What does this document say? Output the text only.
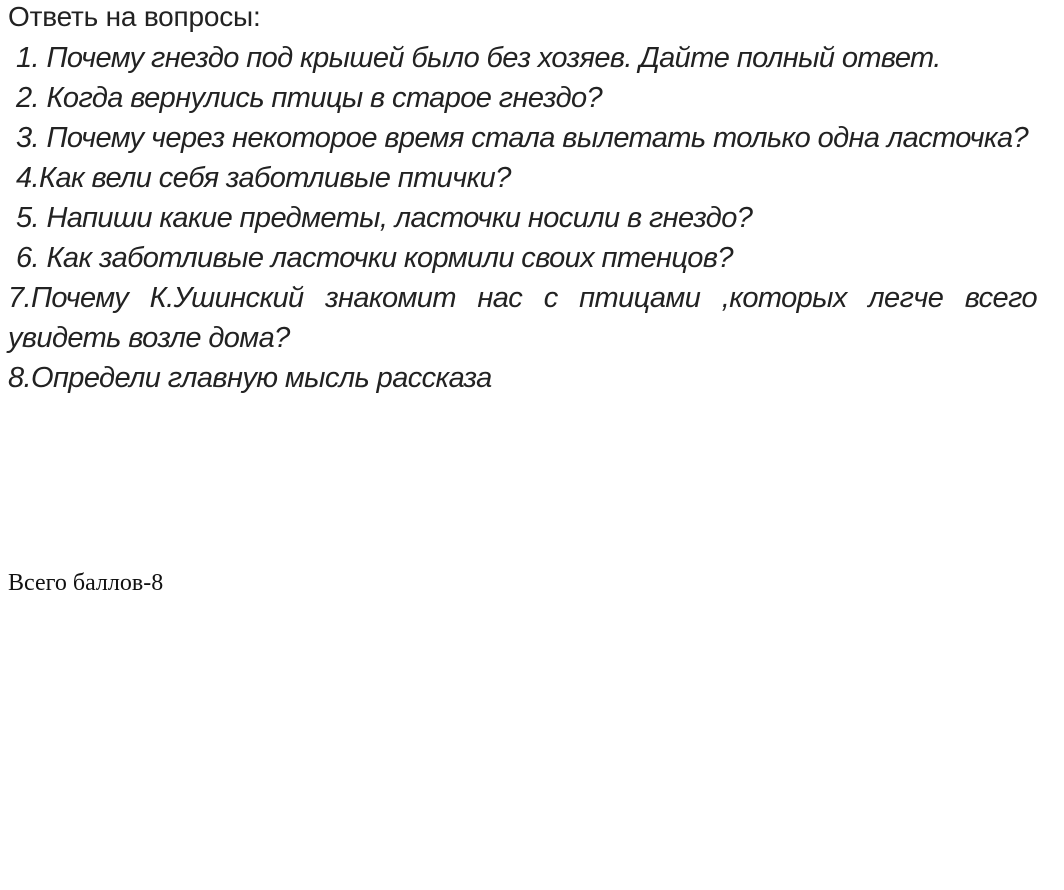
Ответь на вопросы:

1. Почему гнездо под крышей было без хозяев. Дайте полный ответ.

2. Когда вернулись птицы в старое гнездо?

3. Почему через некоторое время стала вылетать только одна ласточка?

4.Как вели себя заботливые птички?

5. Напиши какие предметы, ласточки носили в гнездо?

6. Как заботливые ласточки кормили своих птенцов?

7.Почему К.Ушинский знакомит нас с птицами ,которых легче всего увидеть возле дома?

8.Определи главную мысль рассказа

Всего баллов-8
